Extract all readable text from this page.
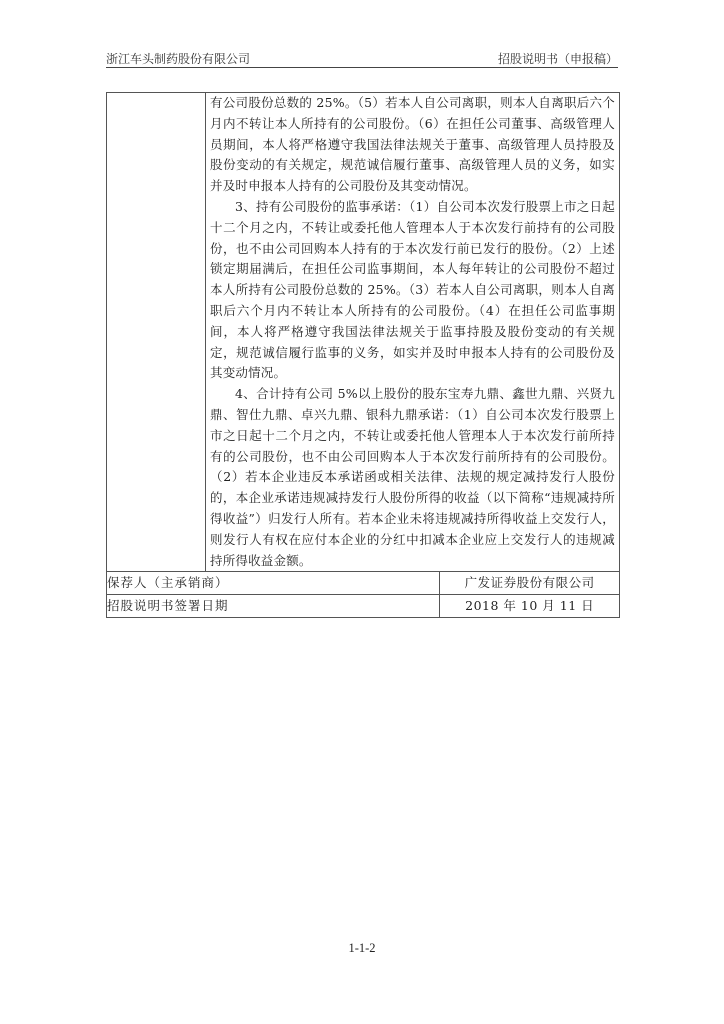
浙江车头制药股份有限公司	招股说明书（申报稿）

	有公司股份总数的 25%。（5）若本人自公司离职，则本人自离职后六个月内不转让本人所持有的公司股份。（6）在担任公司董事、高级管理人员期间，本人将严格遵守我国法律法规关于董事、高级管理人员持股及股份变动的有关规定，规范诚信履行董事、高级管理人员的义务，如实并及时申报本人持有的公司股份及其变动情况。
3、持有公司股份的监事承诺：（1）自公司本次发行股票上市之日起十二个月之内，不转让或委托他人管理本人于本次发行前持有的公司股份，也不由公司回购本人持有的于本次发行前已发行的股份。（2）上述锁定期届满后，在担任公司监事期间，本人每年转让的公司股份不超过本人所持有公司股份总数的 25%。（3）若本人自公司离职，则本人自离职后六个月内不转让本人所持有的公司股份。（4）在担任公司监事期间，本人将严格遵守我国法律法规关于监事持股及股份变动的有关规定，规范诚信履行监事的义务，如实并及时申报本人持有的公司股份及其变动情况。
4、合计持有公司 5%以上股份的股东宝寿九鼎、鑫世九鼎、兴贤九鼎、智仕九鼎、卓兴九鼎、银科九鼎承诺：（1）自公司本次发行股票上市之日起十二个月之内，不转让或委托他人管理本人于本次发行前所持有的公司股份，也不由公司回购本人于本次发行前所持有的公司股份。（2）若本企业违反本承诺函或相关法律、法规的规定减持发行人股份的，本企业承诺违规减持发行人股份所得的收益（以下简称“违规减持所得收益”）归发行人所有。若本企业未将违规减持所得收益上交发行人，则发行人有权在应付本企业的分红中扣减本企业应上交发行人的违规减持所得收益金额。	

保荐人（主承销商）		广发证券股份有限公司
招股说明书签署日期		2018 年 10 月 11 日
1-1-2
